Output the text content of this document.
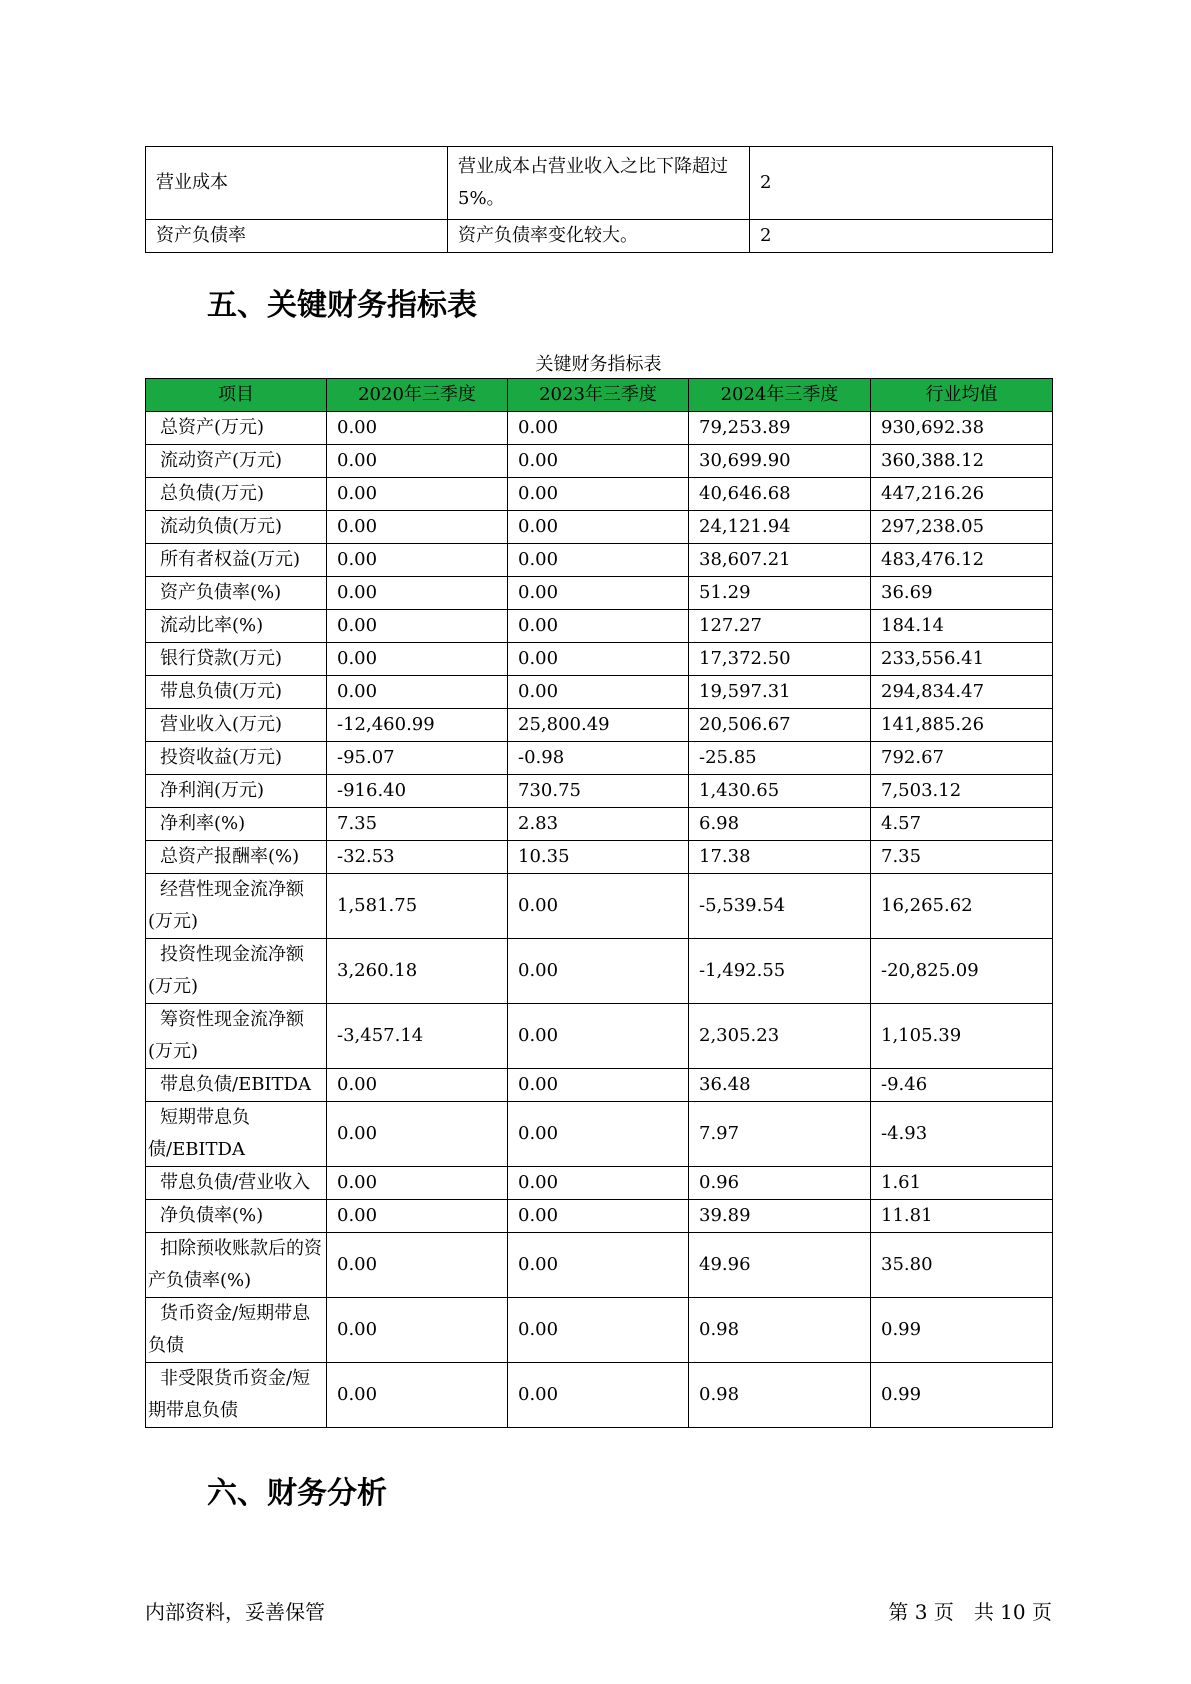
营业成本	营业成本占营业收入之比下降超过5%。	2
资产负债率	资产负债率变化较大。	2
五、关键财务指标表
关键财务指标表
项目	2020年三季度	2023年三季度	2024年三季度	行业均值
总资产(万元)	0.00	0.00	79,253.89	930,692.38
流动资产(万元)	0.00	0.00	30,699.90	360,388.12
总负债(万元)	0.00	0.00	40,646.68	447,216.26
流动负债(万元)	0.00	0.00	24,121.94	297,238.05
所有者权益(万元)	0.00	0.00	38,607.21	483,476.12
资产负债率(%)	0.00	0.00	51.29	36.69
流动比率(%)	0.00	0.00	127.27	184.14
银行贷款(万元)	0.00	0.00	17,372.50	233,556.41
带息负债(万元)	0.00	0.00	19,597.31	294,834.47
营业收入(万元)	-12,460.99	25,800.49	20,506.67	141,885.26
投资收益(万元)	-95.07	-0.98	-25.85	792.67
净利润(万元)	-916.40	730.75	1,430.65	7,503.12
净利率(%)	7.35	2.83	6.98	4.57
总资产报酬率(%)	-32.53	10.35	17.38	7.35
经营性现金流净额(万元)	1,581.75	0.00	-5,539.54	16,265.62
投资性现金流净额(万元)	3,260.18	0.00	-1,492.55	-20,825.09
筹资性现金流净额(万元)	-3,457.14	0.00	2,305.23	1,105.39
带息负债/EBITDA	0.00	0.00	36.48	-9.46
短期带息负债/EBITDA	0.00	0.00	7.97	-4.93
带息负债/营业收入	0.00	0.00	0.96	1.61
净负债率(%)	0.00	0.00	39.89	11.81
扣除预收账款后的资产负债率(%)	0.00	0.00	49.96	35.80
货币资金/短期带息负债	0.00	0.00	0.98	0.99
非受限货币资金/短期带息负债	0.00	0.00	0.98	0.99
六、财务分析
内部资料，妥善保管	第 3 页　共 10 页
